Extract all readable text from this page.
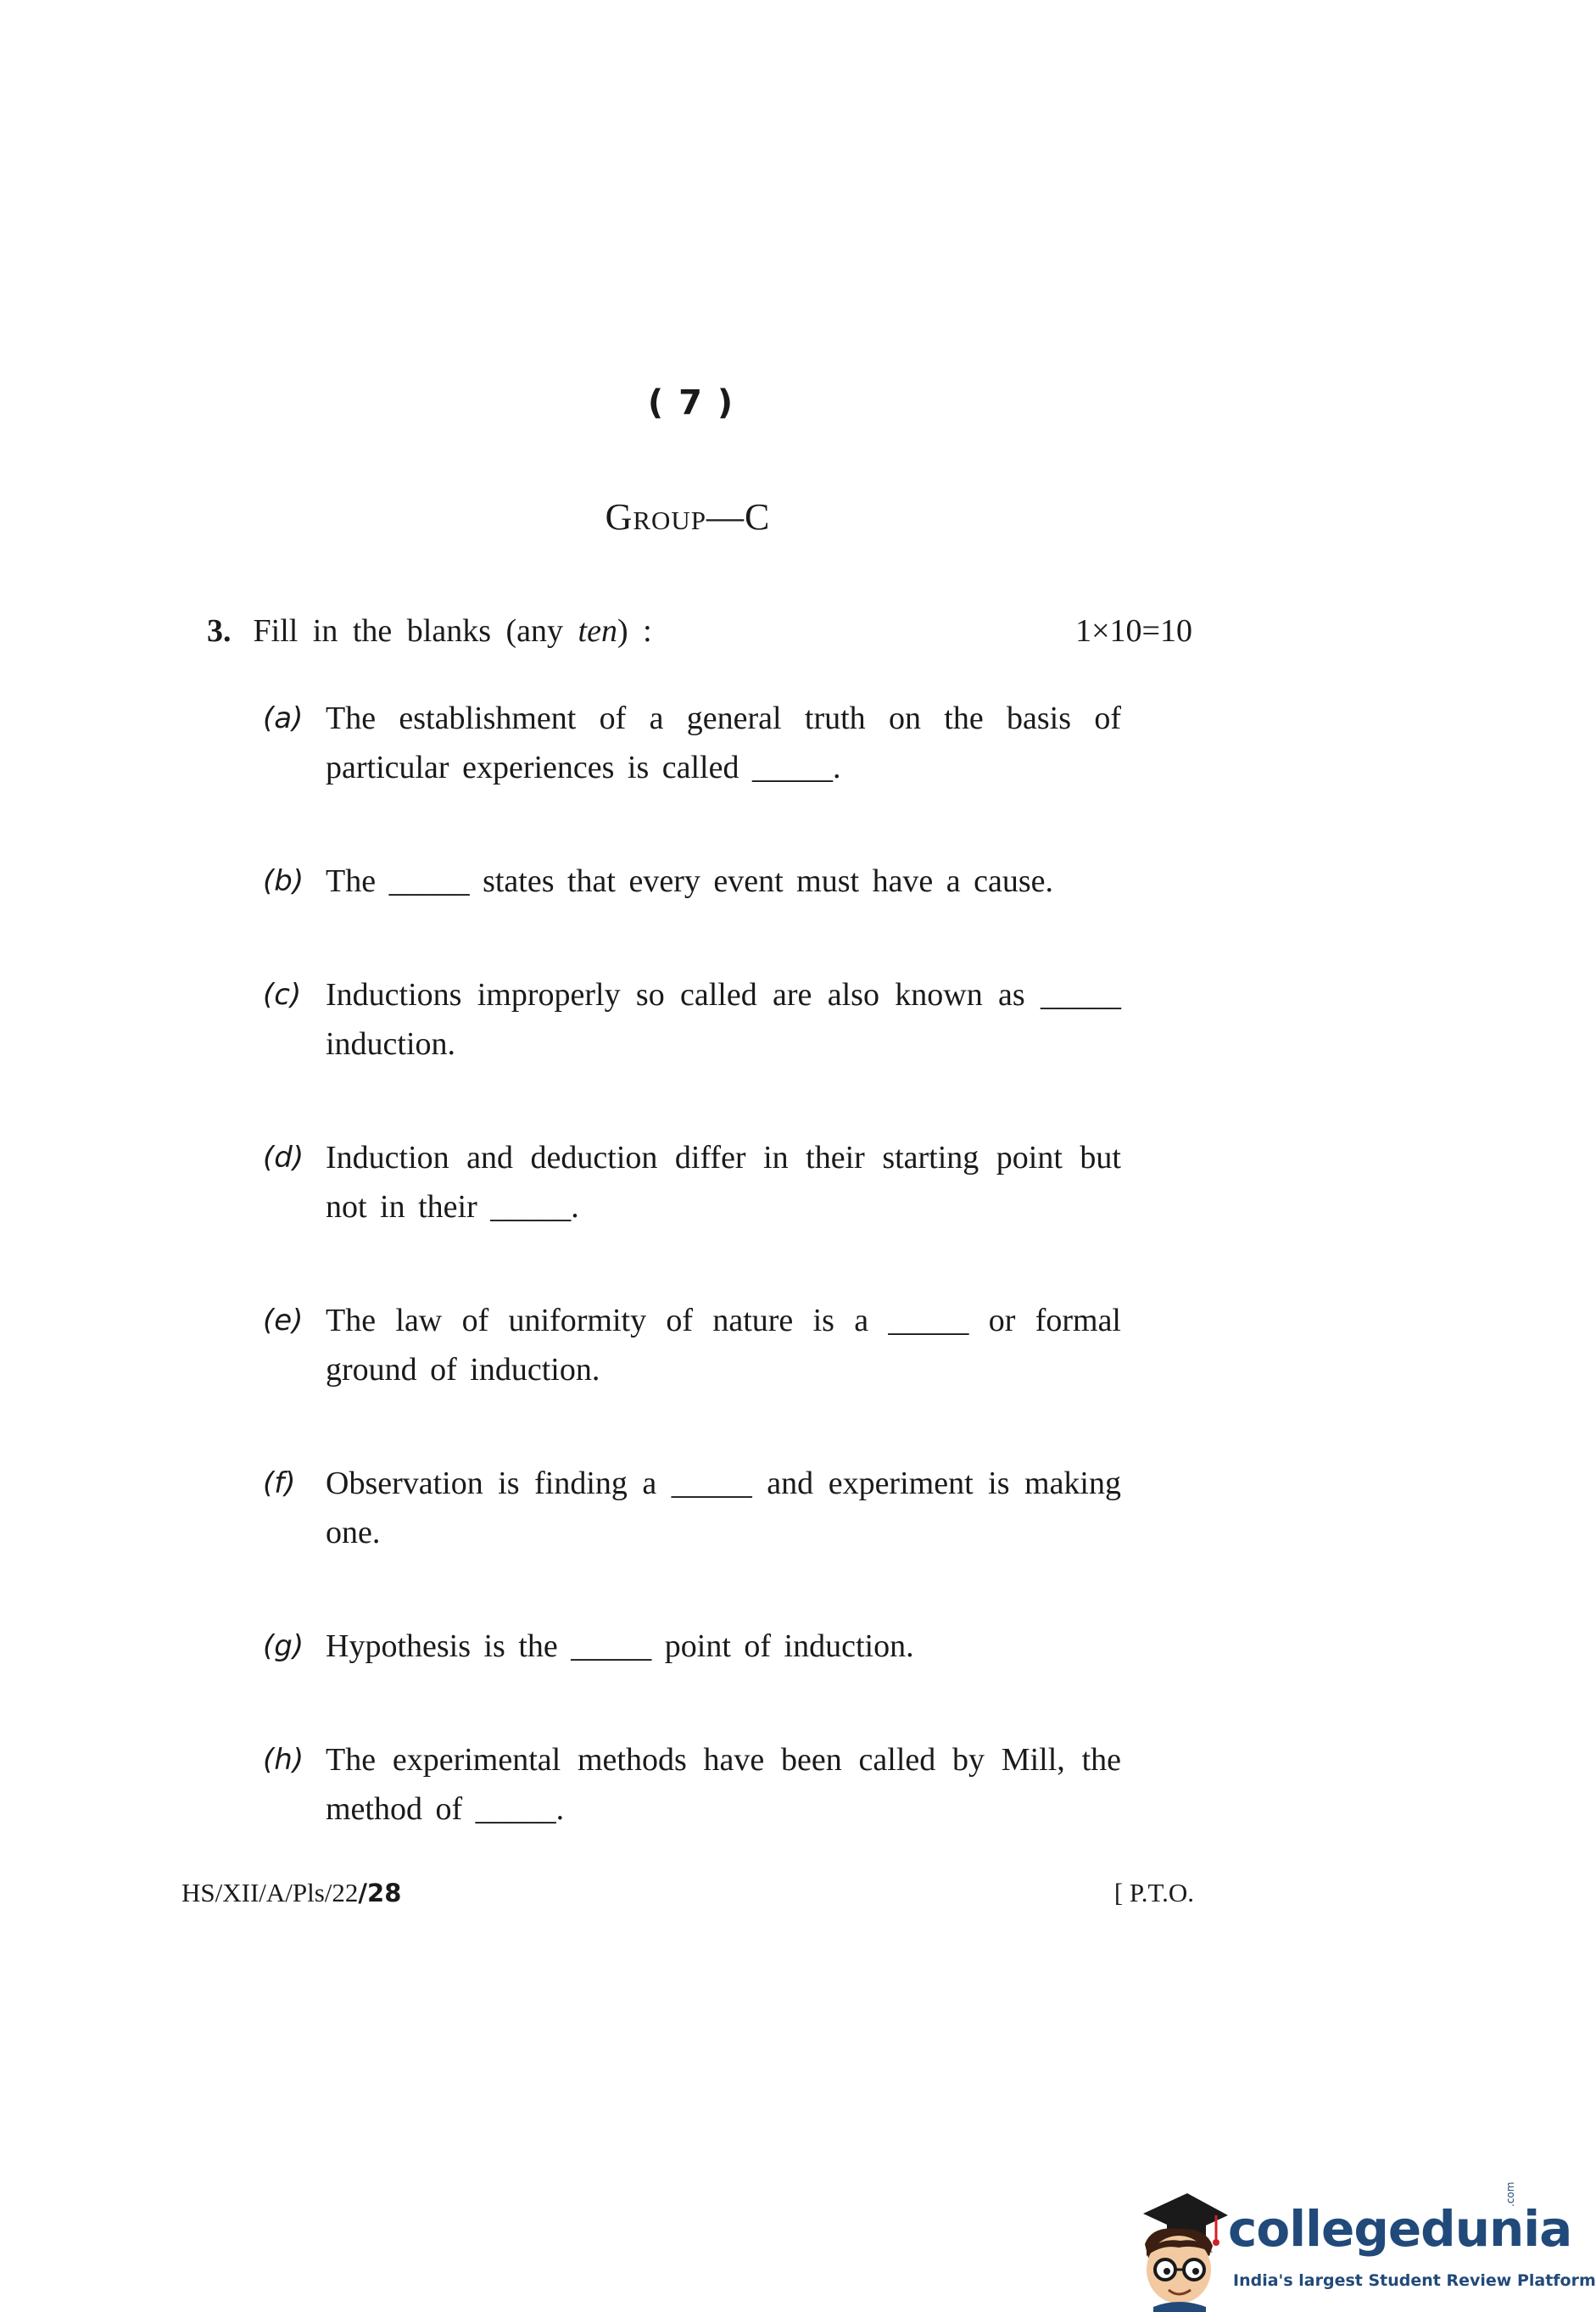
( 7 )
Group—C
3. Fill in the blanks (any ten) :	1×10=10
(a) The establishment of a general truth on the basis of particular experiences is called _____.
(b) The _____ states that every event must have a cause.
(c) Inductions improperly so called are also known as _____ induction.
(d) Induction and deduction differ in their starting point but not in their _____.
(e) The law of uniformity of nature is a _____ or formal ground of induction.
(f) Observation is finding a _____ and experiment is making one.
(g) Hypothesis is the _____ point of induction.
(h) The experimental methods have been called by Mill, the method of _____.
HS/XII/A/Pls/22/28	[ P.T.O.
collegedunia
.com
India's largest Student Review Platform
